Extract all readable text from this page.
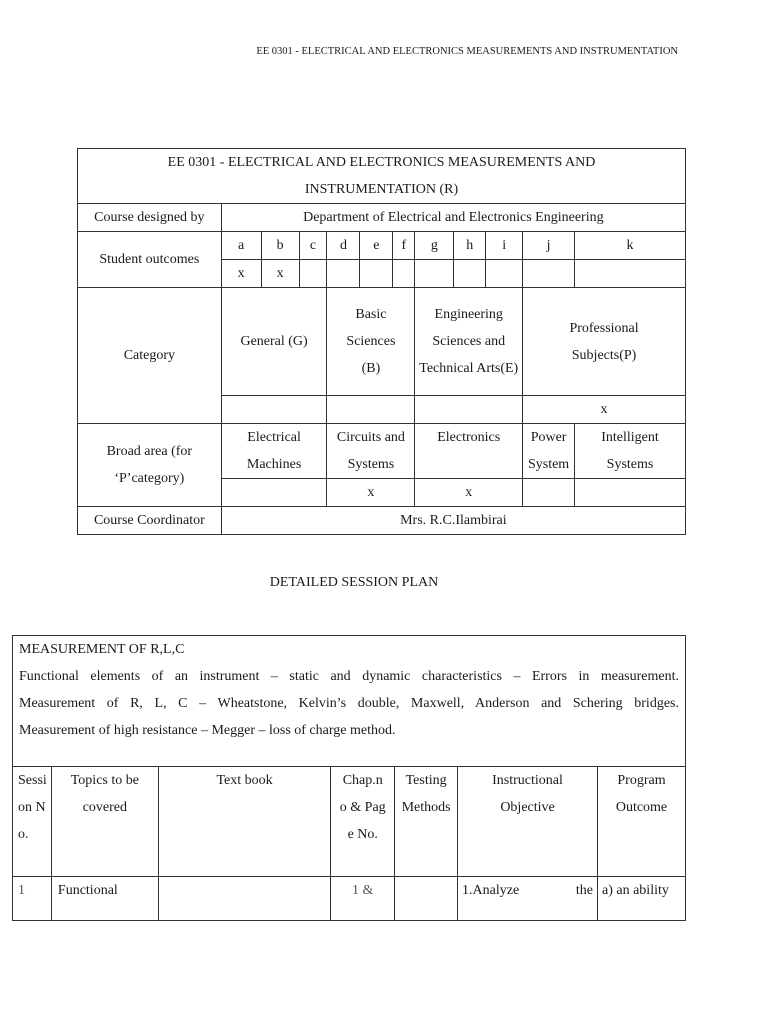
EE 0301 - ELECTRICAL AND ELECTRONICS MEASUREMENTS AND INSTRUMENTATION
EE 0301 - ELECTRICAL AND ELECTRONICS MEASUREMENTS AND
INSTRUMENTATION (R)											

Course designed by	Department of Electrical and Electronics Engineering										
Student outcomes	a	b	c	d	e	f	g	h	i	j	k
	x	x									
Category	General (G)			Basic Sciences (B)			Engineering Sciences and Technical Arts(E)			Professional Subjects(P)	
										x	
Broad area (for ‘P’category)	Electrical Machines			Circuits and Systems			Electronics			Power System	Intelligent Systems
				x			x				
Course Coordinator	Mrs. R.C.Ilambirai										
DETAILED SESSION PLAN

MEASUREMENT OF R,L,C

Functional elements of an instrument – static and dynamic characteristics – Errors in measurement.

Measurement of R, L, C – Wheatstone, Kelvin’s double, Maxwell, Anderson and Schering bridges.

Measurement of high resistance – Megger – loss of charge method.						

Session No.	Topics to be covered	Text book	Chap.no & Page No.	Testing Methods	Instructional Objective	Program Outcome
1	Functional		1 &		1.Analyze the	a) an ability
